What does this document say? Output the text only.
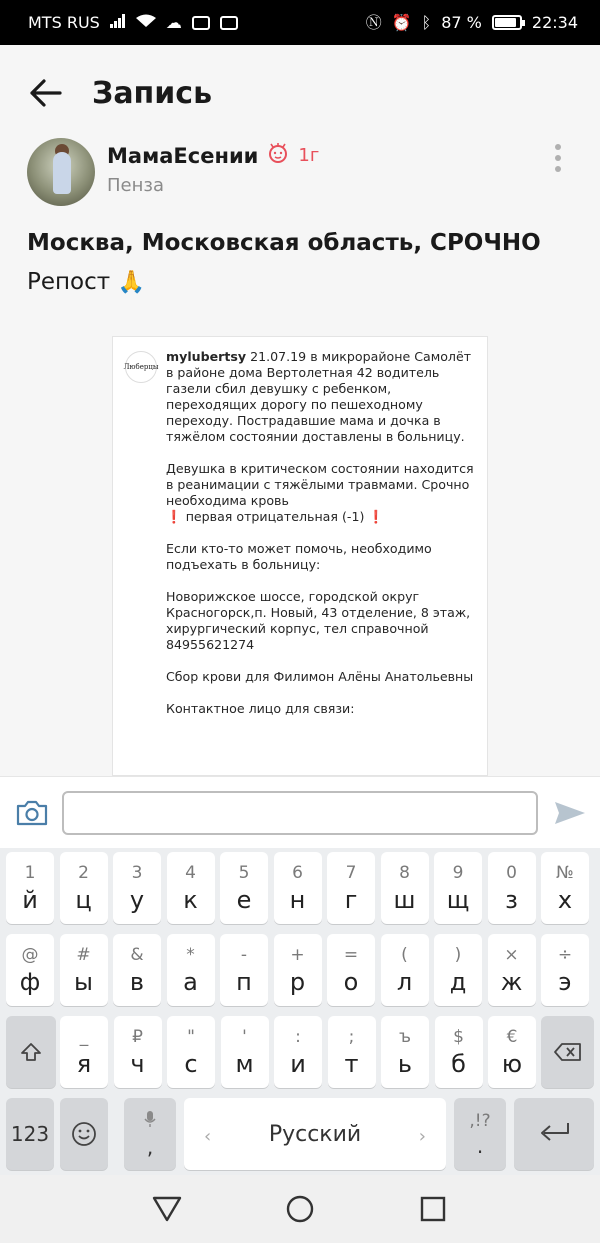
MTS RUS	☁	Ⓝ ⏰ ᛒ 87 %	22:34
Запись
МамаЕсении 1г
Пенза
Москва, Московская область, СРОЧНО
Репост 🙏
Люберцы

mylubertsy 21.07.19 в микрорайоне Самолёт в районе дома Вертолетная 42 водитель газели сбил девушку с ребенком, переходящих дорогу по пешеходному переходу. Пострадавшие мама и дочка в тяжёлом состоянии доставлены в больницу.

Девушка в критическом состоянии находится в реанимации с тяжёлыми травмами. Срочно необходима кровь
❗ первая отрицательная (-1) ❗

Если кто-то может помочь, необходимо подъехать в больницу:

Новорижское шоссе, городской округ Красногорск,п. Новый, 43 отделение, 8 этаж, хирургический корпус, тел справочной 84955621274

Сбор крови для Филимон Алёны Анатольевны

Контактное лицо для связи:

1
й
2
ц
3
у
4
к
5
е
6
н
7
г
8
ш
9
щ
0
з
№
х
@
ф
#
ы
&
в
*
а
-
п
+
р
=
о
(
л
)
д
×
ж
÷
э
_
я
₽
ч
"
с
'
м
:
и
;
т
ъ
ь
$
б
€
ю
123
,	‹	Русский	›
,!?
.
